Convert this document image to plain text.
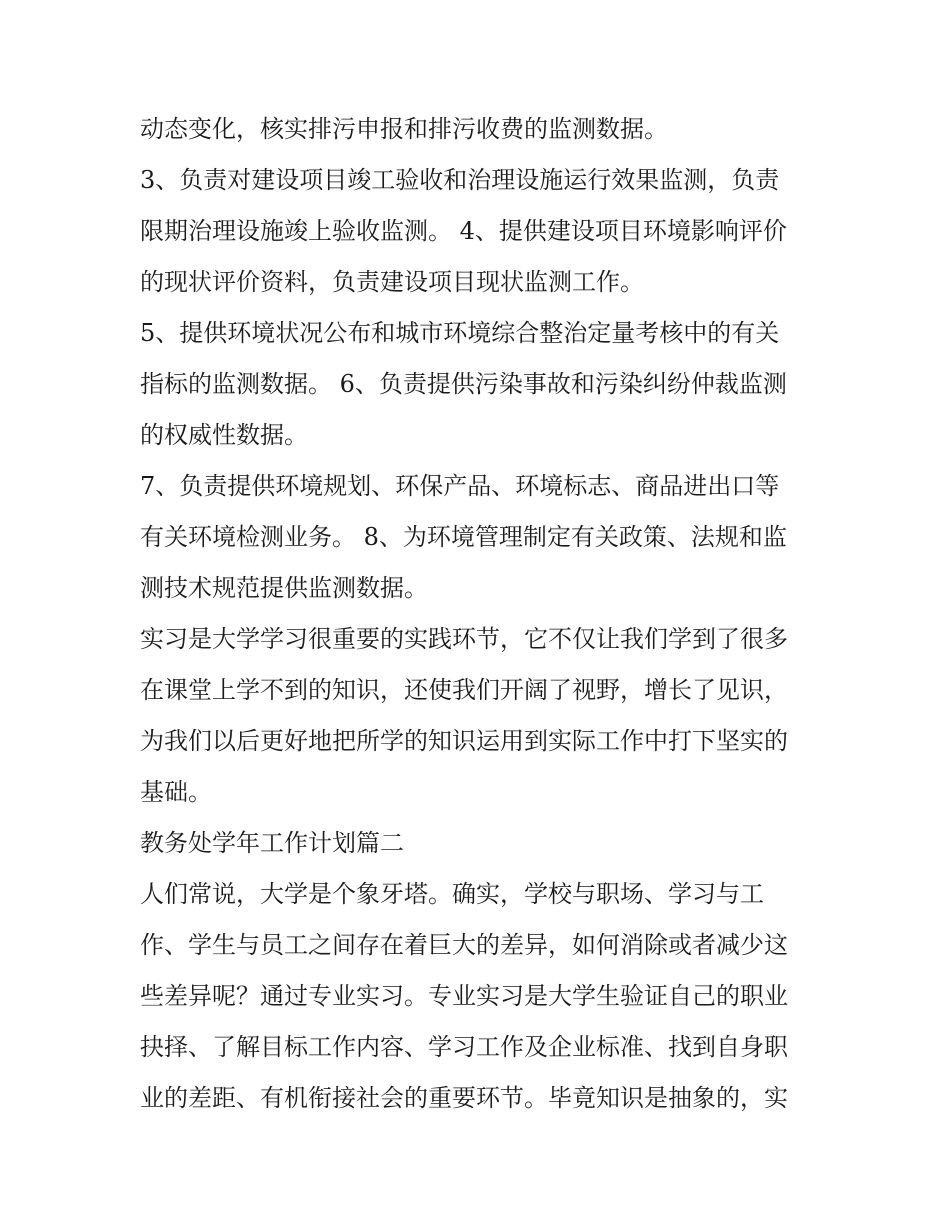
动态变化，核实排污申报和排污收费的监测数据。
3、负责对建设项目竣工验收和治理设施运行效果监测，负责
限期治理设施竣上验收监测。 4、提供建设项目环境影响评价
的现状评价资料，负责建设项目现状监测工作。
5、提供环境状况公布和城市环境综合整治定量考核中的有关
指标的监测数据。 6、负责提供污染事故和污染纠纷仲裁监测
的权威性数据。
7、负责提供环境规划、环保产品、环境标志、商品进出口等
有关环境检测业务。 8、为环境管理制定有关政策、法规和监
测技术规范提供监测数据。
实习是大学学习很重要的实践环节，它不仅让我们学到了很多
在课堂上学不到的知识，还使我们开阔了视野，增长了见识，
为我们以后更好地把所学的知识运用到实际工作中打下坚实的
基础。
教务处学年工作计划篇二
人们常说，大学是个象牙塔。确实，学校与职场、学习与工
作、学生与员工之间存在着巨大的差异，如何消除或者减少这
些差异呢？通过专业实习。专业实习是大学生验证自己的职业
抉择、了解目标工作内容、学习工作及企业标准、找到自身职
业的差距、有机衔接社会的重要环节。毕竟知识是抽象的，实
